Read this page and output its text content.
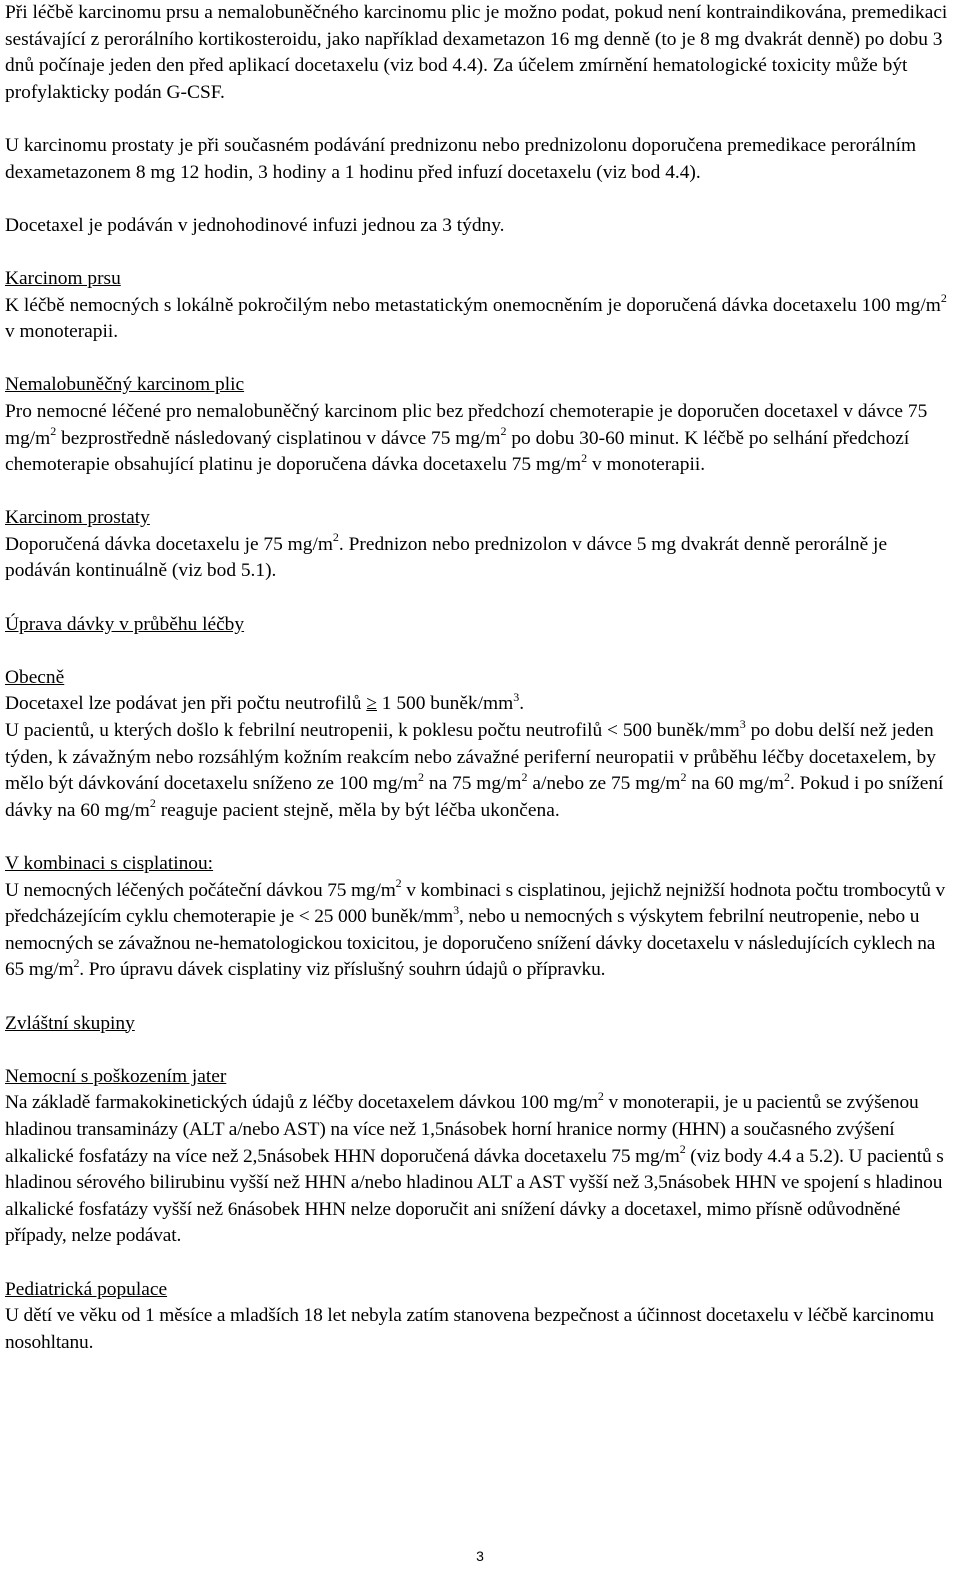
Při léčbě karcinomu prsu a nemalobuněčného karcinomu plic je možno podat, pokud není kontraindikována, premedikaci sestávající z perorálního kortikosteroidu, jako například dexametazon 16 mg denně (to je 8 mg dvakrát denně) po dobu 3 dnů počínaje jeden den před aplikací docetaxelu (viz bod 4.4). Za účelem zmírnění hematologické toxicity může být profylakticky podán G-CSF.

U karcinomu prostaty je při současném podávání prednizonu nebo prednizolonu doporučena premedikace perorálním dexametazonem 8 mg 12 hodin, 3 hodiny a 1 hodinu před infuzí docetaxelu (viz bod 4.4).

Docetaxel je podáván v jednohodinové infuzi jednou za 3 týdny.

Karcinom prsu

K léčbě nemocných s lokálně pokročilým nebo metastatickým onemocněním je doporučená dávka docetaxelu 100 $mg/m^2$ v monoterapii.

Nemalobuněčný karcinom plic

Pro nemocné léčené pro nemalobuněčný karcinom plic bez předchozí chemoterapie je doporučen docetaxel v dávce 75 $mg/m^2$ bezprostředně následovaný cisplatinou v dávce 75 $mg/m^2$ po dobu 30-60 minut. K léčbě po selhání předchozí chemoterapie obsahující platinu je doporučena dávka docetaxelu 75 $mg/m^2$ v monoterapii.

Karcinom prostaty

Doporučená dávka docetaxelu je 75 $mg/m^2$. Prednizon nebo prednizolon v dávce 5 mg dvakrát denně perorálně je podáván kontinuálně (viz bod 5.1).

Úprava dávky v průběhu léčby

Obecně

Docetaxel lze podávat jen při počtu neutrofilů ≥ 1 500 buněk/$mm^3$.

U pacientů, u kterých došlo k febrilní neutropenii, k poklesu počtu neutrofilů < 500 buněk/$mm^3$ po dobu delší než jeden týden, k závažným nebo rozsáhlým kožním reakcím nebo závažné periferní neuropatii v průběhu léčby docetaxelem, by mělo být dávkování docetaxelu sníženo ze 100 $mg/m^2$ na 75 $mg/m^2$ a/nebo ze 75 $mg/m^2$ na 60 $mg/m^2$. Pokud i po snížení dávky na 60 $mg/m^2$ reaguje pacient stejně, měla by být léčba ukončena.

V kombinaci s cisplatinou:

U nemocných léčených počáteční dávkou 75 $mg/m^2$ v kombinaci s cisplatinou, jejichž nejnižší hodnota počtu trombocytů v předcházejícím cyklu chemoterapie je < 25 000 buněk/$mm^3$, nebo u nemocných s výskytem febrilní neutropenie, nebo u nemocných se závažnou ne-hematologickou toxicitou, je doporučeno snížení dávky docetaxelu v následujících cyklech na 65 $mg/m^2$. Pro úpravu dávek cisplatiny viz příslušný souhrn údajů o přípravku.

Zvláštní skupiny

Nemocní s poškozením jater

Na základě farmakokinetických údajů z léčby docetaxelem dávkou 100 $mg/m^2$ v monoterapii, je u pacientů se zvýšenou hladinou transaminázy (ALT a/nebo AST) na více než 1,5násobek horní hranice normy (HHN) a současného zvýšení alkalické fosfatázy na více než 2,5násobek HHN doporučená dávka docetaxelu 75 $mg/m^2$ (viz body 4.4 a 5.2). U pacientů s hladinou sérového bilirubinu vyšší než HHN a/nebo hladinou ALT a AST vyšší než 3,5násobek HHN ve spojení s hladinou alkalické fosfatázy vyšší než 6násobek HHN nelze doporučit ani snížení dávky a docetaxel, mimo přísně odůvodněné případy, nelze podávat.

Pediatrická populace

U dětí ve věku od 1 měsíce a mladších 18 let nebyla zatím stanovena bezpečnost a účinnost docetaxelu v léčbě karcinomu nosohltanu.

3
